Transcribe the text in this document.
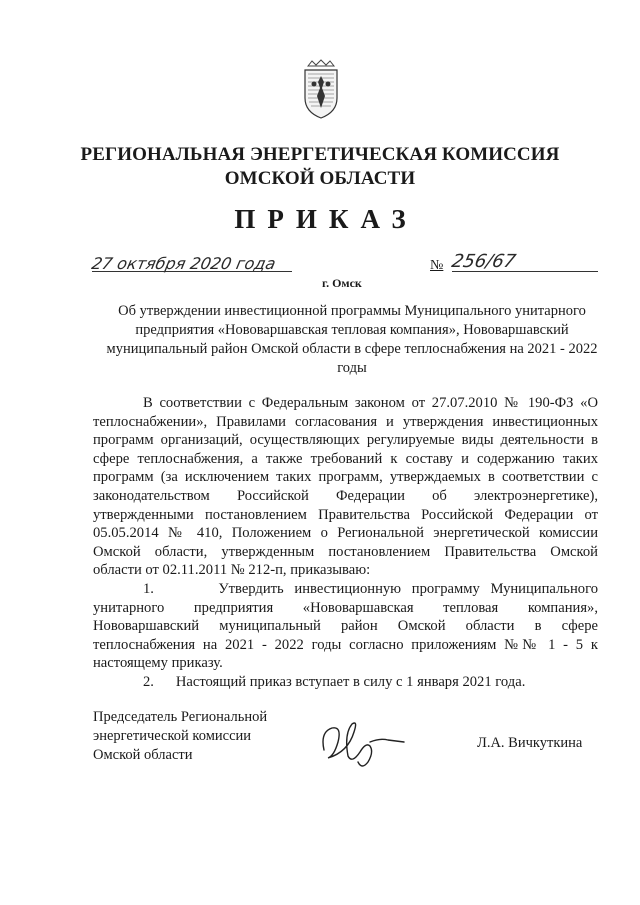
РЕГИОНАЛЬНАЯ ЭНЕРГЕТИЧЕСКАЯ КОМИССИЯ
ОМСКОЙ ОБЛАСТИ
ПРИКАЗ
27 октября 2020 года	№ 256/67
г. Омск
Об утверждении инвестиционной программы Муниципального унитарного предприятия «Нововаршавская тепловая компания», Нововаршавский муниципальный район Омской области в сфере теплоснабжения на 2021 - 2022 годы

В соответствии с Федеральным законом от 27.07.2010 № 190-ФЗ «О теплоснабжении», Правилами согласования и утверждения инвестиционных программ организаций, осуществляющих регулируемые виды деятельности в сфере теплоснабжения, а также требований к составу и содержанию таких программ (за исключением таких программ, утверждаемых в соответствии с законодательством Российской Федерации об электроэнергетике), утвержденными постановлением Правительства Российской Федерации от 05.05.2014 № 410, Положением о Региональной энергетической комиссии Омской области, утвержденным постановлением Правительства Омской области от 02.11.2011 № 212-п, приказываю:

1.      Утвердить инвестиционную программу Муниципального унитарного предприятия «Нововаршавская тепловая компания», Нововаршавский муниципальный район Омской области в сфере теплоснабжения на 2021 - 2022 годы согласно приложениям №№ 1 - 5 к настоящему приказу.

2.      Настоящий приказ вступает в силу с 1 января 2021 года.

Председатель Региональной
энергетической комиссии
Омской области
Л.А. Вичкуткина
